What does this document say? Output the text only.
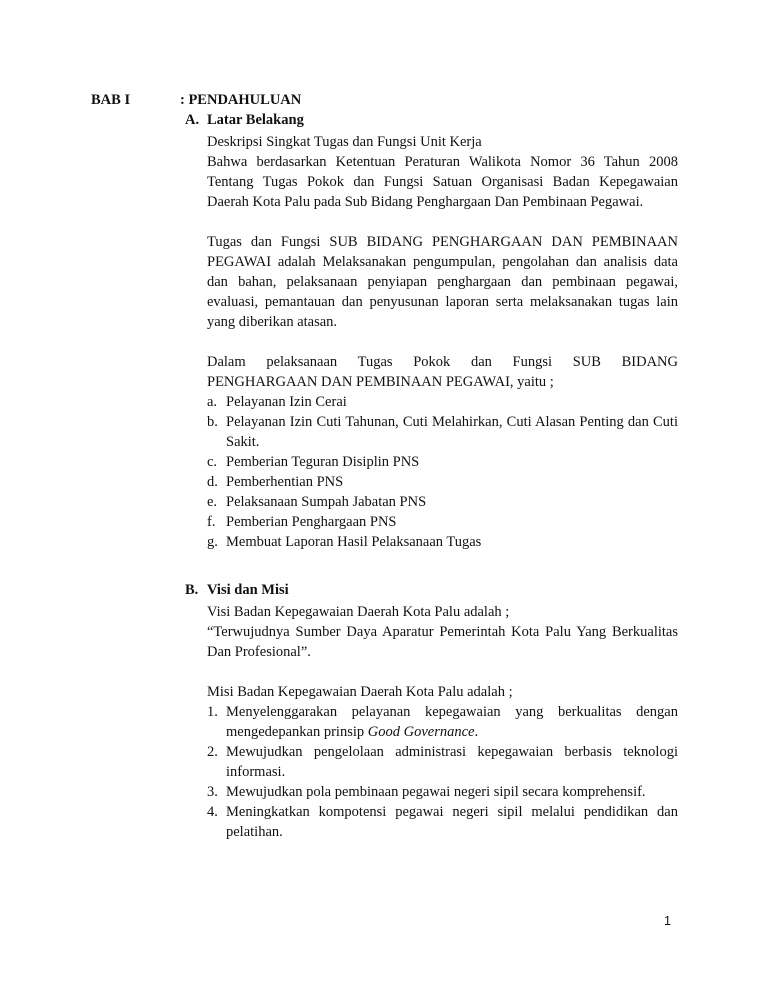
BAB I	: PENDAHULUAN
A. Latar Belakang
Deskripsi Singkat Tugas dan Fungsi Unit Kerja
Bahwa berdasarkan Ketentuan Peraturan Walikota Nomor 36 Tahun 2008
Tentang Tugas Pokok dan Fungsi Satuan Organisasi Badan Kepegawaian
Daerah Kota Palu pada Sub Bidang Penghargaan Dan Pembinaan Pegawai.
Tugas dan Fungsi SUB BIDANG PENGHARGAAN DAN PEMBINAAN
PEGAWAI adalah Melaksanakan pengumpulan, pengolahan dan analisis data
dan bahan, pelaksanaan penyiapan penghargaan dan pembinaan pegawai,
evaluasi, pemantauan dan penyusunan laporan serta melaksanakan tugas lain
yang diberikan atasan.
Dalam pelaksanaan Tugas Pokok dan Fungsi SUB BIDANG
PENGHARGAAN DAN PEMBINAAN PEGAWAI, yaitu ;
a. Pelayanan Izin Cerai
b. Pelayanan Izin Cuti Tahunan, Cuti Melahirkan, Cuti Alasan Penting dan Cuti Sakit.
c. Pemberian Teguran Disiplin PNS
d. Pemberhentian PNS
e. Pelaksanaan Sumpah Jabatan PNS
f. Pemberian Penghargaan PNS
g. Membuat Laporan Hasil Pelaksanaan Tugas
B. Visi dan Misi
Visi Badan Kepegawaian Daerah Kota Palu adalah ;
“Terwujudnya Sumber Daya Aparatur Pemerintah Kota Palu Yang Berkualitas Dan Profesional”.
Misi Badan Kepegawaian Daerah Kota Palu adalah ;
1. Menyelenggarakan pelayanan kepegawaian yang berkualitas dengan mengedepankan prinsip Good Governance.
2. Mewujudkan pengelolaan administrasi kepegawaian berbasis teknologi informasi.
3. Mewujudkan pola pembinaan pegawai negeri sipil secara komprehensif.
4. Meningkatkan kompotensi pegawai negeri sipil melalui pendidikan dan pelatihan.
1
